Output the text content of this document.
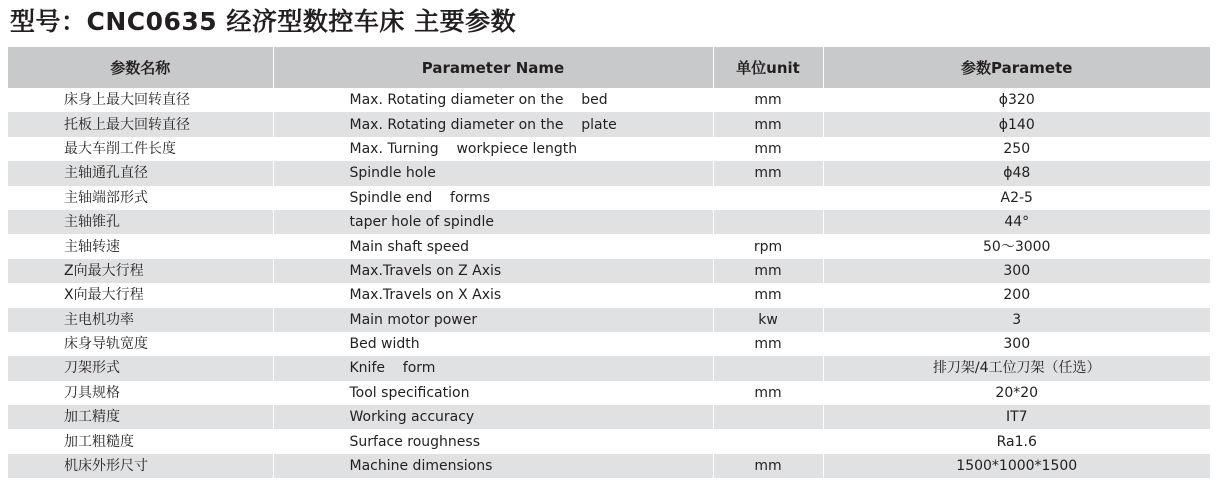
型号：CNC0635 经济型数控车床 主要参数
参数名称	Parameter Name	单位unit	参数Paramete
床身上最大回转直径	Max. Rotating diameter on the    bed	mm	ϕ320
托板上最大回转直径	Max. Rotating diameter on the    plate	mm	ϕ140
最大车削工件长度	Max. Turning    workpiece length	mm	250
主轴通孔直径	Spindle hole	mm	ϕ48
主轴端部形式	Spindle end    forms		A2-5
主轴锥孔	taper hole of spindle		44°
主轴转速	Main shaft speed	rpm	50～3000
Z向最大行程	Max.Travels on Z Axis	mm	300
X向最大行程	Max.Travels on X Axis	mm	200
主电机功率	Main motor power	kw	3
床身导轨宽度	Bed width	mm	300
刀架形式	Knife    form		排刀架/4工位刀架（任选）
刀具规格	Tool specification	mm	20*20
加工精度	Working accuracy		IT7
加工粗糙度	Surface roughness		Ra1.6
机床外形尺寸	Machine dimensions	mm	1500*1000*1500
